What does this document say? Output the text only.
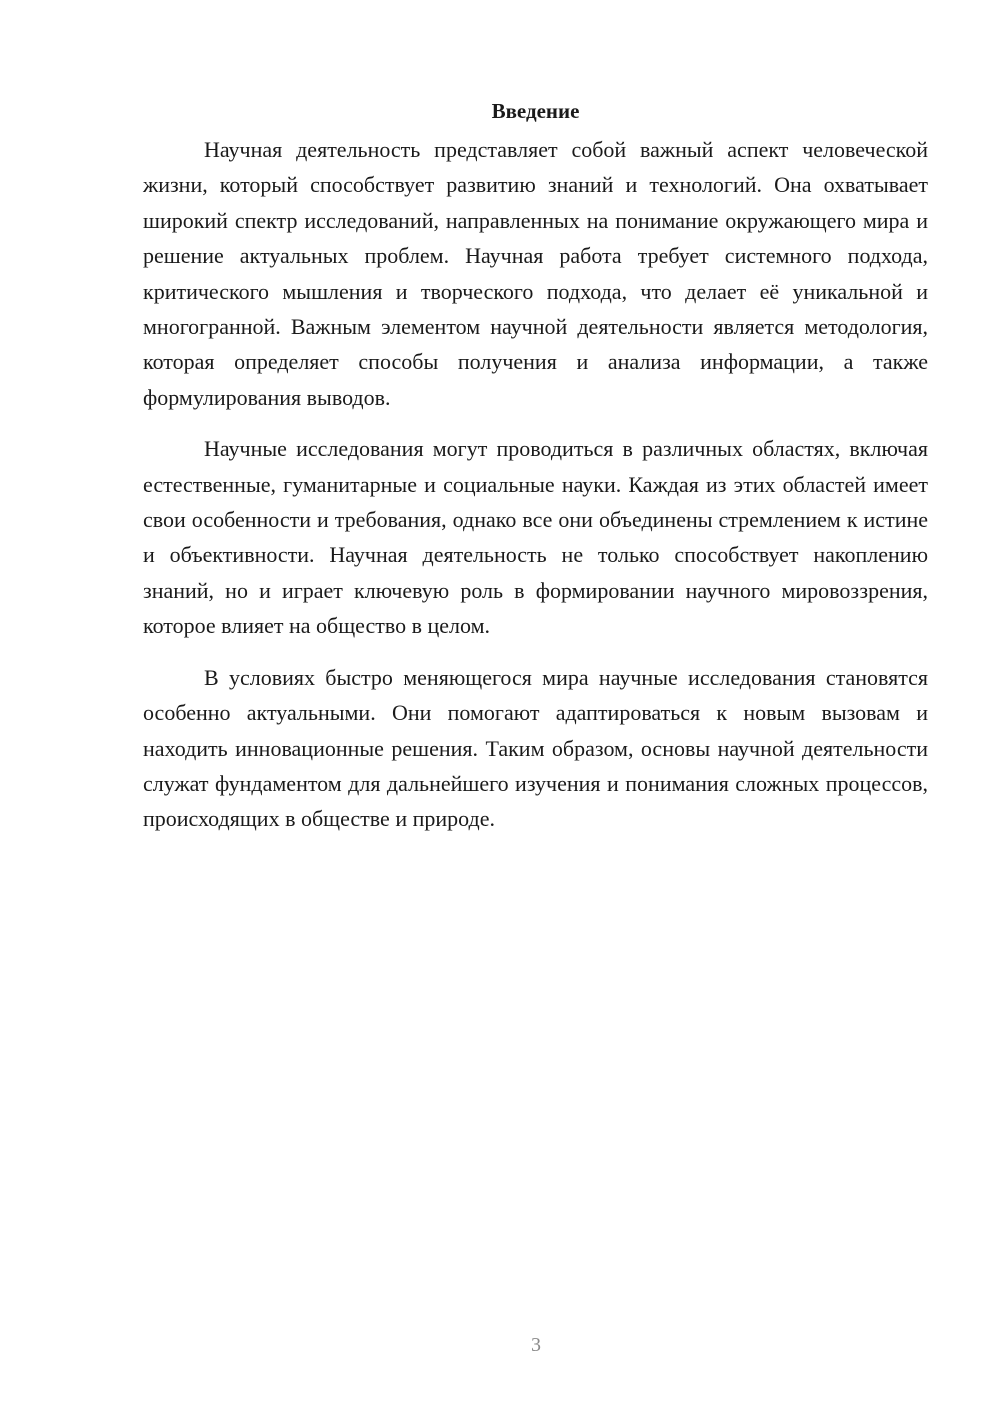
Введение

Научная деятельность представляет собой важный аспект человеческой жизни, который способствует развитию знаний и технологий. Она охватывает широкий спектр исследований, направленных на понимание окружающего мира и решение актуальных проблем. Научная работа требует системного подхода, критического мышления и творческого подхода, что делает её уникальной и многогранной. Важным элементом научной деятельности является методология, которая определяет способы получения и анализа информации, а также формулирования выводов.

Научные исследования могут проводиться в различных областях, включая естественные, гуманитарные и социальные науки. Каждая из этих областей имеет свои особенности и требования, однако все они объединены стремлением к истине и объективности. Научная деятельность не только способствует накоплению знаний, но и играет ключевую роль в формировании научного мировоззрения, которое влияет на общество в целом.

В условиях быстро меняющегося мира научные исследования становятся особенно актуальными. Они помогают адаптироваться к новым вызовам и находить инновационные решения. Таким образом, основы научной деятельности служат фундаментом для дальнейшего изучения и понимания сложных процессов, происходящих в обществе и природе.

3
